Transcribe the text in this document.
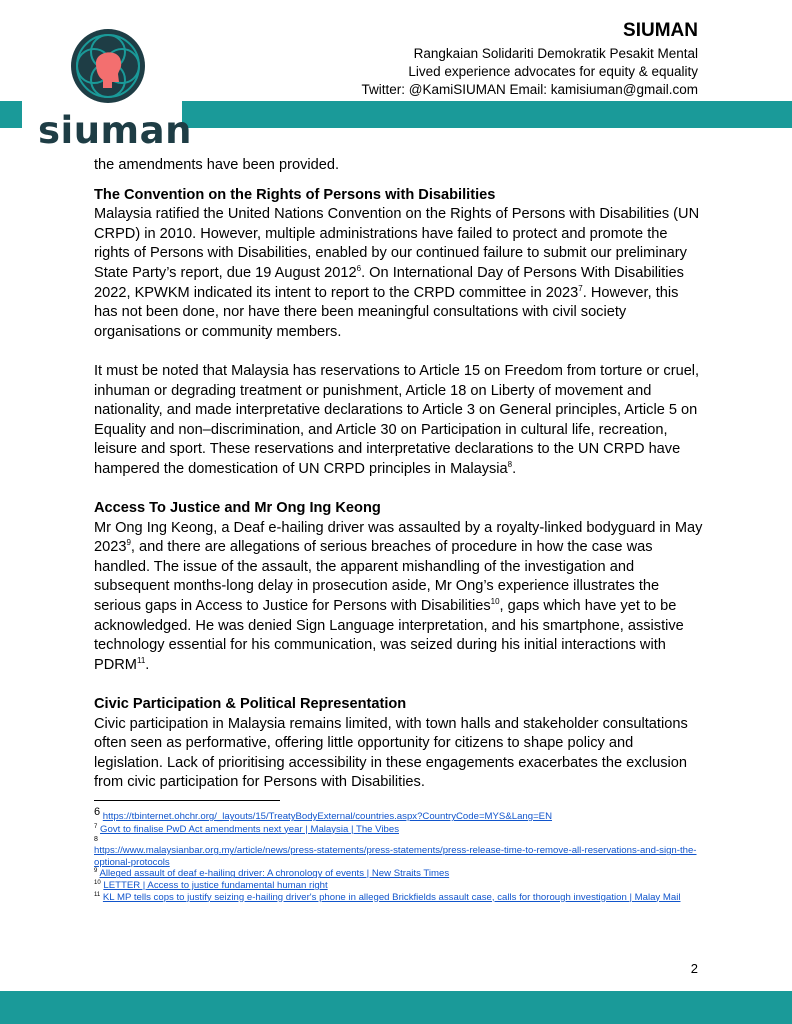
siuman
SIUMAN
Rangkaian Solidariti Demokratik Pesakit Mental
Lived experience advocates for equity & equality
Twitter: @KamiSIUMAN Email: kamisiuman@gmail.com

the amendments have been provided.

The Convention on the Rights of Persons with Disabilities

Malaysia ratified the United Nations Convention on the Rights of Persons with Disabilities (UN CRPD) in 2010. However, multiple administrations have failed to protect and promote the rights of Persons with Disabilities, enabled by our continued failure to submit our preliminary State Party’s report, due 19 August 2012$^6$. On International Day of Persons With Disabilities 2022, KPWKM indicated its intent to report to the CRPD committee in 2023$^7$. However, this has not been done, nor have there been meaningful consultations with civil society organisations or community members.

It must be noted that Malaysia has reservations to Article 15 on Freedom from torture or cruel, inhuman or degrading treatment or punishment, Article 18 on Liberty of movement and nationality, and made interpretative declarations to Article 3 on General principles, Article 5 on Equality and non–discrimination, and Article 30 on Participation in cultural life, recreation, leisure and sport. These reservations and interpretative declarations to the UN CRPD have hampered the domestication of UN CRPD principles in Malaysia$^8$.

Access To Justice and Mr Ong Ing Keong

Mr Ong Ing Keong, a Deaf e-hailing driver was assaulted by a royalty-linked bodyguard in May 2023$^9$, and there are allegations of serious breaches of procedure in how the case was handled. The issue of the assault, the apparent mishandling of the investigation and subsequent months-long delay in prosecution aside, Mr Ong’s experience illustrates the serious gaps in Access to Justice for Persons with Disabilities$^{10}$, gaps which have yet to be acknowledged. He was denied Sign Language interpretation, and his smartphone, assistive technology essential for his communication, was seized during his initial interactions with PDRM$^{11}$.

Civic Participation & Political Representation

Civic participation in Malaysia remains limited, with town halls and stakeholder consultations often seen as performative, offering little opportunity for citizens to shape policy and legislation. Lack of prioritising accessibility in these engagements exacerbates the exclusion from civic participation for Persons with Disabilities.

6 https://tbinternet.ohchr.org/_layouts/15/TreatyBodyExternal/countries.aspx?CountryCode=MYS&Lang=EN
$^7$ Govt to finalise PwD Act amendments next year | Malaysia | The Vibes
8
https://www.malaysianbar.org.my/article/news/press-statements/press-statements/press-release-time-to-remove-all-reservations-and-sign-the-optional-protocols
$^9$ Alleged assault of deaf e-hailing driver: A chronology of events | New Straits Times
$^{10}$ LETTER | Access to justice fundamental human right
$^{11}$ KL MP tells cops to justify seizing e-hailing driver's phone in alleged Brickfields assault case, calls for thorough investigation | Malay Mail
2
